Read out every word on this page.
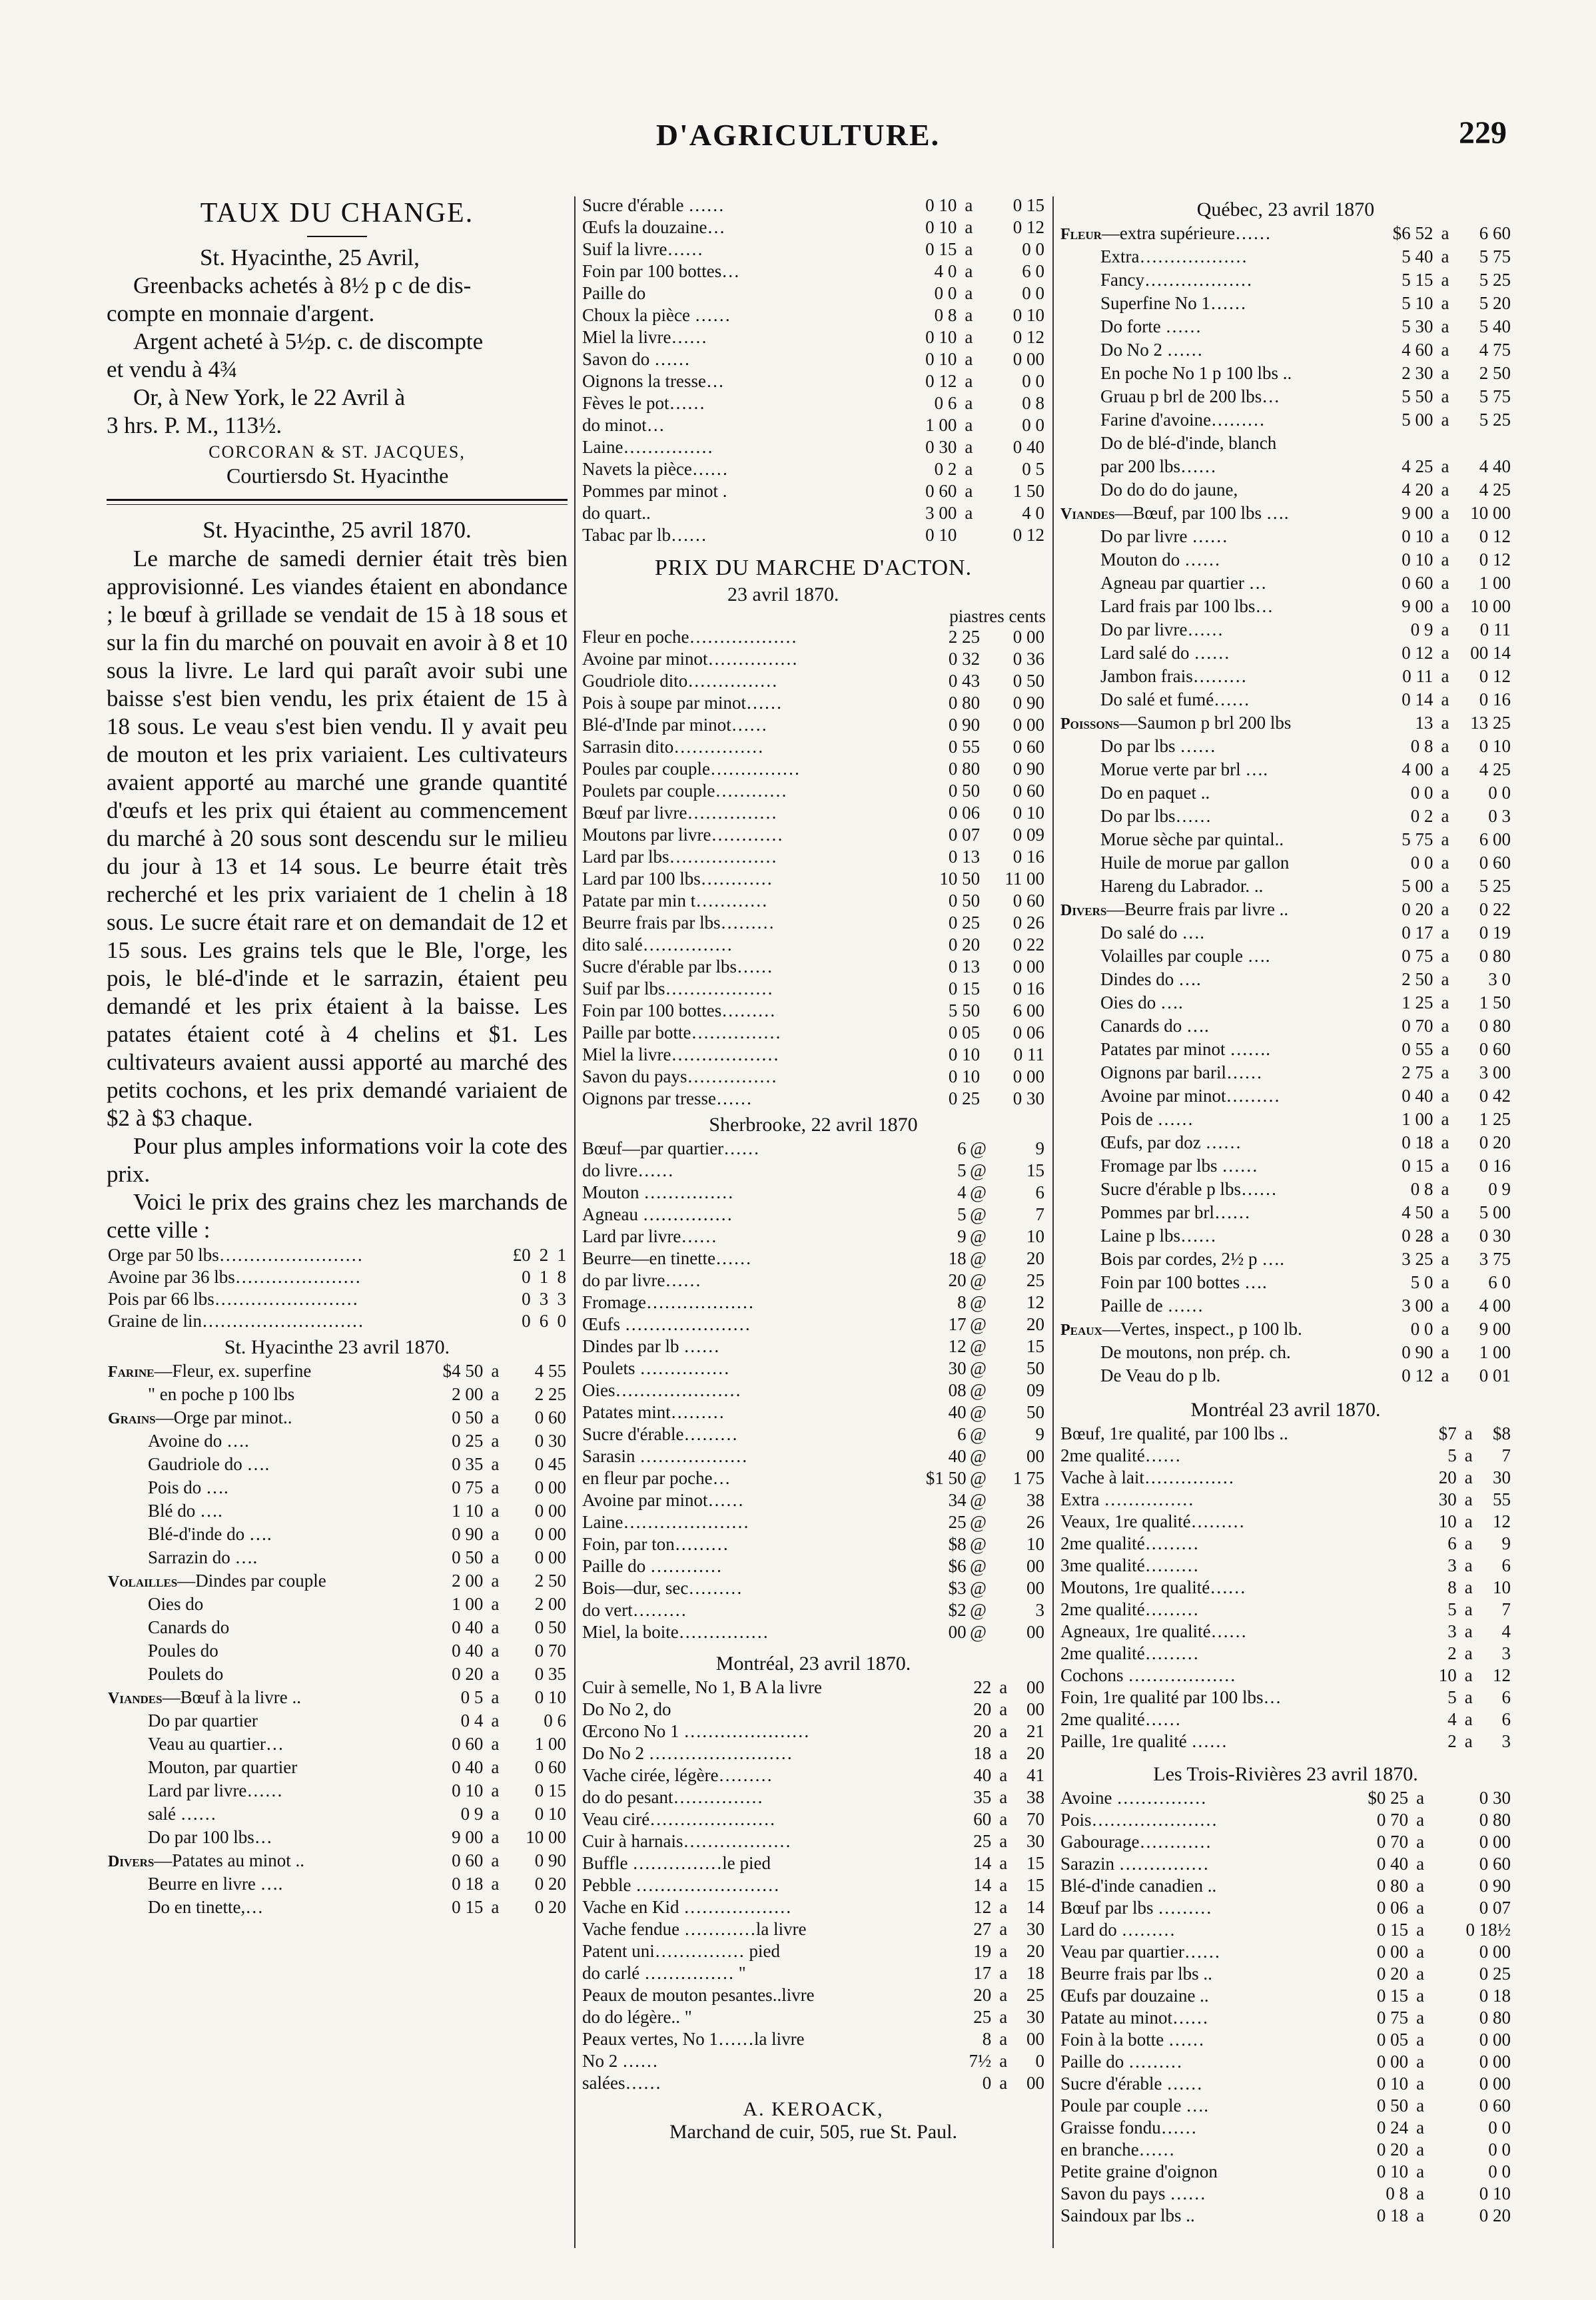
D'AGRICULTURE.	229
TAUX DU CHANGE.

St. Hyacinthe, 25 Avril,

Greenbacks achetés à 8½ p c de dis-

compte en monnaie d'argent.

Argent acheté à 5½p. c. de discompte

et vendu à 4¾

Or, à New York, le 22 Avril à

3 hrs. P. M., 113½.

CORCORAN & ST. JACQUES,
Courtiersdo St. Hyacinthe
St. Hyacinthe, 25 avril 1870.

Le marche de samedi dernier était très bien approvisionné. Les viandes étaient en abondance ; le bœuf à grillade se vendait de 15 à 18 sous et sur la fin du marché on pouvait en avoir à 8 et 10 sous la livre. Le lard qui paraît avoir subi une baisse s'est bien vendu, les prix étaient de 15 à 18 sous. Le veau s'est bien vendu. Il y avait peu de mouton et les prix variaient. Les cultivateurs avaient apporté au marché une grande quantité d'œufs et les prix qui étaient au commencement du marché à 20 sous sont descendu sur le milieu du jour à 13 et 14 sous. Le beurre était très recherché et les prix variaient de 1 chelin à 18 sous. Le sucre était rare et on demandait de 12 et 15 sous. Les grains tels que le Ble, l'orge, les pois, le blé-d'inde et le sarrazin, étaient peu demandé et les prix étaient à la baisse. Les patates étaient coté à 4 chelins et $1. Les cultivateurs avaient aussi apporté au marché des petits cochons, et les prix demandé variaient de $2 à $3 chaque.

Pour plus amples informations voir la cote des prix.

Voici le prix des grains chez les marchands de cette ville :

Orge par 50 lbs……………………	£0	2	1
Avoine par 36 lbs…………………	0	1	8
Pois par 66 lbs……………………	0	3	3
Graine de lin………………………	0	6	0
St. Hyacinthe 23 avril 1870.
Farine—Fleur, ex. superfine	$4 50	a	4 55
" en poche p 100 lbs	2 00	a	2 25
Grains—Orge par minot..	0 50	a	0 60
Avoine do ….	0 25	a	0 30
Gaudriole do ….	0 35	a	0 45
Pois do ….	0 75	a	0 00
Blé do ….	1 10	a	0 00
Blé-d'inde do ….	0 90	a	0 00
Sarrazin do ….	0 50	a	0 00
Volailles—Dindes par couple	2 00	a	2 50
Oies do	1 00	a	2 00
Canards do	0 40	a	0 50
Poules do	0 40	a	0 70
Poulets do	0 20	a	0 35
Viandes—Bœuf à la livre ..	0 5	a	0 10
Do par quartier	0 4	a	0 6
Veau au quartier…	0 60	a	1 00
Mouton, par quartier	0 40	a	0 60
Lard par livre……	0 10	a	0 15
salé ……	0 9	a	0 10
Do par 100 lbs…	9 00	a	10 00
Divers—Patates au minot ..	0 60	a	0 90
Beurre en livre ….	0 18	a	0 20
Do en tinette,…	0 15	a	0 20
Sucre d'érable ……	0 10	a	0 15
Œufs la douzaine…	0 10	a	0 12
Suif la livre……	0 15	a	0 0
Foin par 100 bottes…	4 0	a	6 0
Paille do	0 0	a	0 0
Choux la pièce ……	0 8	a	0 10
Miel la livre……	0 10	a	0 12
Savon do ……	0 10	a	0 00
Oignons la tresse…	0 12	a	0 0
Fèves le pot……	0 6	a	0 8
do minot…	1 00	a	0 0
Laine……………	0 30	a	0 40
Navets la pièce……	0 2	a	0 5
Pommes par minot .	0 60	a	1 50
do quart..	3 00	a	4 0
Tabac par lb……	0 10		0 12
PRIX DU MARCHE D'ACTON.
23 avril 1870.
piastres cents
Fleur en poche………………	2 25	0 00
Avoine par minot……………	0 32	0 36
Goudriole dito……………	0 43	0 50
Pois à soupe par minot……	0 80	0 90
Blé-d'Inde par minot……	0 90	0 00
Sarrasin dito……………	0 55	0 60
Poules par couple……………	0 80	0 90
Poulets par couple…………	0 50	0 60
Bœuf par livre……………	0 06	0 10
Moutons par livre…………	0 07	0 09
Lard par lbs………………	0 13	0 16
Lard par 100 lbs…………	10 50	11 00
Patate par min t…………	0 50	0 60
Beurre frais par lbs………	0 25	0 26
dito salé……………	0 20	0 22
Sucre d'érable par lbs……	0 13	0 00
Suif par lbs………………	0 15	0 16
Foin par 100 bottes………	5 50	6 00
Paille par botte……………	0 05	0 06
Miel la livre………………	0 10	0 11
Savon du pays……………	0 10	0 00
Oignons par tresse……	0 25	0 30
Sherbrooke, 22 avril 1870
Bœuf—par quartier……	6	@	9
do livre……	5	@	15
Mouton ……………	4	@	6
Agneau ……………	5	@	7
Lard par livre……	9	@	10
Beurre—en tinette……	18	@	20
do par livre……	20	@	25
Fromage………………	8	@	12
Œufs …………………	17	@	20
Dindes par lb ……	12	@	15
Poulets ……………	30	@	50
Oies…………………	08	@	09
Patates mint………	40	@	50
Sucre d'érable………	6	@	9
Sarasin ………………	40	@	00
en fleur par poche…	$1 50	@	1 75
Avoine par minot……	34	@	38
Laine…………………	25	@	26
Foin, par ton………	$8	@	10
Paille do …………	$6	@	00
Bois—dur, sec………	$3	@	00
do vert………	$2	@	3
Miel, la boite……………	00	@	00
Montréal, 23 avril 1870.
Cuir à semelle, No 1, B A la livre	22	a	00
Do No 2, do	20	a	00
Œrcono No 1 …………………	20	a	21
Do No 2 ……………………	18	a	20
Vache cirée, légère………	40	a	41
do do pesant……………	35	a	38
Veau ciré…………………	60	a	70
Cuir à harnais………………	25	a	30
Buffle ……………le pied	14	a	15
Pebble ……………………	14	a	15
Vache en Kid ………………	12	a	14
Vache fendue …………la livre	27	a	30
Patent uni…………… pied	19	a	20
do carlé …………… "	17	a	18
Peaux de mouton pesantes..livre	20	a	25
do do légère.. "	25	a	30
Peaux vertes, No 1……la livre	8	a	00
No 2 ……	7½	a	0
salées……	0	a	00
A. KEROACK,
Marchand de cuir, 505, rue St. Paul.
Québec, 23 avril 1870
Fleur—extra supérieure……	$6 52	a	6 60
Extra………………	5 40	a	5 75
Fancy………………	5 15	a	5 25
Superfine No 1……	5 10	a	5 20
Do forte ……	5 30	a	5 40
Do No 2 ……	4 60	a	4 75
En poche No 1 p 100 lbs ..	2 30	a	2 50
Gruau p brl de 200 lbs…	5 50	a	5 75
Farine d'avoine………	5 00	a	5 25
Do de blé-d'inde, blanch			
par 200 lbs……	4 25	a	4 40
Do do do do jaune,	4 20	a	4 25
Viandes—Bœuf, par 100 lbs ….	9 00	a	10 00
Do par livre ……	0 10	a	0 12
Mouton do ……	0 10	a	0 12
Agneau par quartier …	0 60	a	1 00
Lard frais par 100 lbs…	9 00	a	10 00
Do par livre……	0 9	a	0 11
Lard salé do ……	0 12	a	00 14
Jambon frais………	0 11	a	0 12
Do salé et fumé……	0 14	a	0 16
Poissons—Saumon p brl 200 lbs	13	a	13 25
Do par lbs ……	0 8	a	0 10
Morue verte par brl ….	4 00	a	4 25
Do en paquet ..	0 0	a	0 0
Do par lbs……	0 2	a	0 3
Morue sèche par quintal..	5 75	a	6 00
Huile de morue par gallon	0 0	a	0 60
Hareng du Labrador. ..	5 00	a	5 25
Divers—Beurre frais par livre ..	0 20	a	0 22
Do salé do ….	0 17	a	0 19
Volailles par couple ….	0 75	a	0 80
Dindes do ….	2 50	a	3 0
Oies do ….	1 25	a	1 50
Canards do ….	0 70	a	0 80
Patates par minot …….	0 55	a	0 60
Oignons par baril……	2 75	a	3 00
Avoine par minot………	0 40	a	0 42
Pois de ……	1 00	a	1 25
Œufs, par doz ……	0 18	a	0 20
Fromage par lbs ……	0 15	a	0 16
Sucre d'érable p lbs……	0 8	a	0 9
Pommes par brl……	4 50	a	5 00
Laine p lbs……	0 28	a	0 30
Bois par cordes, 2½ p ….	3 25	a	3 75
Foin par 100 bottes ….	5 0	a	6 0
Paille de ……	3 00	a	4 00
Peaux—Vertes, inspect., p 100 lb.	0 0	a	9 00
De moutons, non prép. ch.	0 90	a	1 00
De Veau do p lb.	0 12	a	0 01
Montréal 23 avril 1870.
Bœuf, 1re qualité, par 100 lbs ..	$7	a	$8
2me qualité……	5	a	7
Vache à lait……………	20	a	30
Extra ……………	30	a	55
Veaux, 1re qualité………	10	a	12
2me qualité………	6	a	9
3me qualité………	3	a	6
Moutons, 1re qualité……	8	a	10
2me qualité………	5	a	7
Agneaux, 1re qualité……	3	a	4
2me qualité………	2	a	3
Cochons ………………	10	a	12
Foin, 1re qualité par 100 lbs…	5	a	6
2me qualité……	4	a	6
Paille, 1re qualité ……	2	a	3
Les Trois-Rivières 23 avril 1870.
Avoine ……………	$0 25	a	0 30
Pois…………………	0 70	a	0 80
Gabourage…………	0 70	a	0 00
Sarazin ……………	0 40	a	0 60
Blé-d'inde canadien ..	0 80	a	0 90
Bœuf par lbs ………	0 06	a	0 07
Lard do ………	0 15	a	0 18½
Veau par quartier……	0 00	a	0 00
Beurre frais par lbs ..	0 20	a	0 25
Œufs par douzaine ..	0 15	a	0 18
Patate au minot……	0 75	a	0 80
Foin à la botte ……	0 05	a	0 00
Paille do ………	0 00	a	0 00
Sucre d'érable ……	0 10	a	0 00
Poule par couple ….	0 50	a	0 60
Graisse fondu……	0 24	a	0 0
en branche……	0 20	a	0 0
Petite graine d'oignon	0 10	a	0 0
Savon du pays ……	0 8	a	0 10
Saindoux par lbs ..	0 18	a	0 20
